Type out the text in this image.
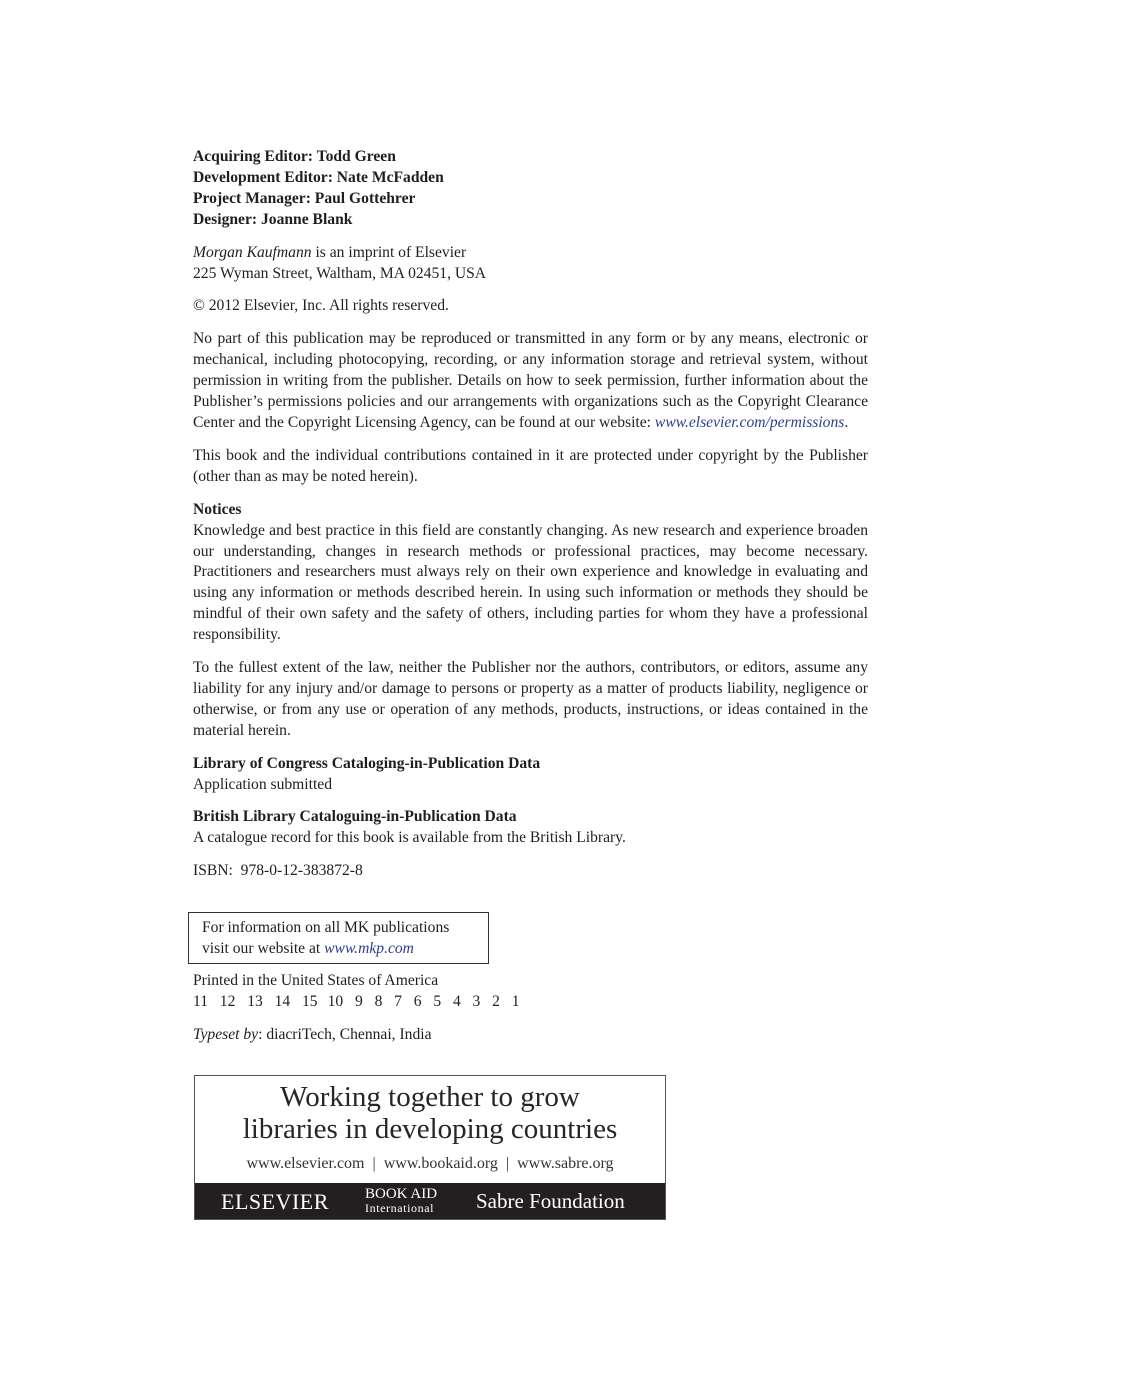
Acquiring Editor: Todd Green

Development Editor: Nate McFadden

Project Manager: Paul Gottehrer

Designer: Joanne Blank

Morgan Kaufmann is an imprint of Elsevier

225 Wyman Street, Waltham, MA 02451, USA

© 2012 Elsevier, Inc. All rights reserved.

No part of this publication may be reproduced or transmitted in any form or by any means, electronic or mechanical, including photocopying, recording, or any information storage and retrieval system, without permission in writing from the publisher. Details on how to seek permission, further information about the Publisher’s permissions policies and our arrangements with organizations such as the Copyright Clearance Center and the Copyright Licensing Agency, can be found at our website: www.elsevier.com/permissions.

This book and the individual contributions contained in it are protected under copyright by the Publisher (other than as may be noted herein).

Notices

Knowledge and best practice in this field are constantly changing. As new research and experience broaden our understanding, changes in research methods or professional practices, may become necessary. Practitioners and researchers must always rely on their own experience and knowledge in evaluating and using any information or methods described herein. In using such information or methods they should be mindful of their own safety and the safety of others, including parties for whom they have a professional responsibility.

To the fullest extent of the law, neither the Publisher nor the authors, contributors, or editors, assume any liability for any injury and/or damage to persons or property as a matter of products liability, negligence or otherwise, or from any use or operation of any methods, products, instructions, or ideas contained in the material herein.

Library of Congress Cataloging-in-Publication Data

Application submitted

British Library Cataloguing-in-Publication Data

A catalogue record for this book is available from the British Library.

ISBN:  978-0-12-383872-8

For information on all MK publications

visit our website at www.mkp.com

Printed in the United States of America

11  12  13  14  15 10  9  8  7  6  5  4  3  2  1

Typeset by: diacriTech, Chennai, India

Working together to grow
libraries in developing countries
www.elsevier.com | www.bookaid.org | www.sabre.org
ELSEVIER BOOK AID
International Sabre Foundation
